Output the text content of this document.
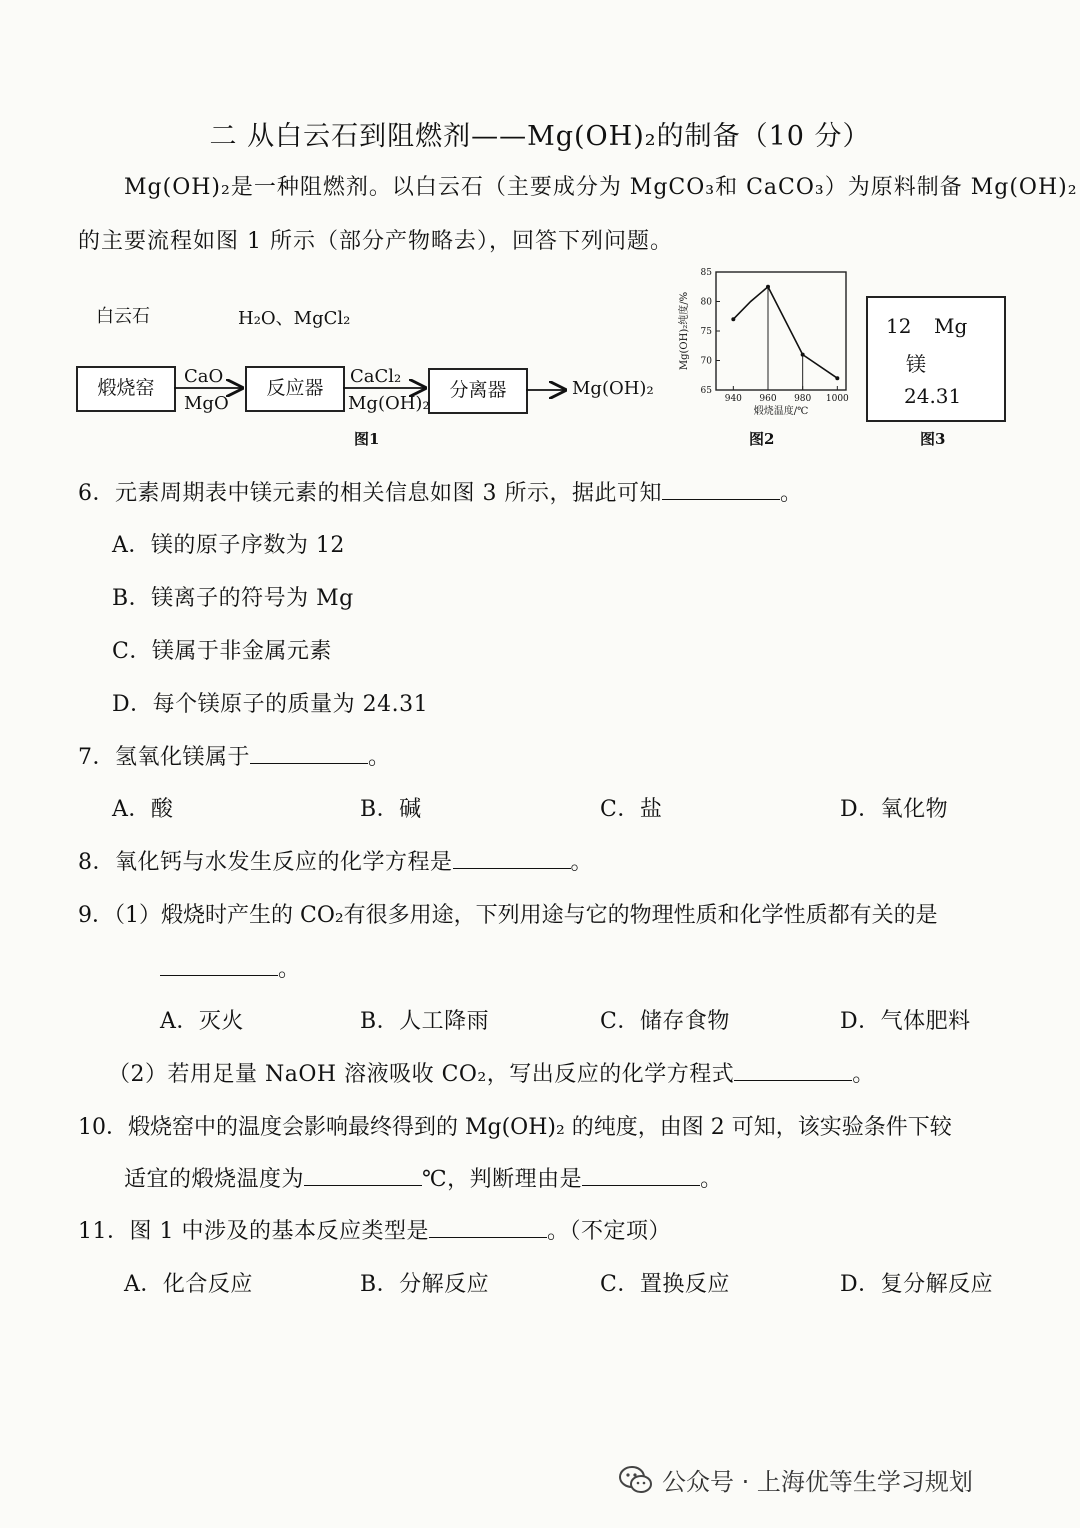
二 从白云石到阻燃剂——Mg(OH)₂的制备（10 分）
Mg(OH)₂是一种阻燃剂。以白云石（主要成分为 MgCO₃和 CaCO₃）为原料制备 Mg(OH)₂
的主要流程如图 1 所示（部分产物略去），回答下列问题。
白云石	H₂O、MgCl₂
煅烧窑	反应器	分离器
CaO
MgO
CaCl₂
Mg(OH)₂
Mg(OH)₂
图1
65
70
75
80
85
940 960 980 1000
煅烧温度/℃
Mg(OH)₂纯度/%
图2
12 Mg
镁
24.31
图3
6．元素周期表中镁元素的相关信息如图 3 所示，据此可知	。
A．镁的原子序数为 12
B．镁离子的符号为 Mg
C．镁属于非金属元素
D．每个镁原子的质量为 24.31
7．氢氧化镁属于	。
A．酸	B．碱	C．盐	D．氧化物
8．氧化钙与水发生反应的化学方程是	。
9．（1）煅烧时产生的 CO₂有很多用途，下列用途与它的物理性质和化学性质都有关的是
。
A．灭火	B．人工降雨	C．储存食物	D．气体肥料
（2）若用足量 NaOH 溶液吸收 CO₂，写出反应的化学方程式	。
10．煅烧窑中的温度会影响最终得到的 Mg(OH)₂ 的纯度，由图 2 可知，该实验条件下较
适宜的煅烧温度为	℃，判断理由是	。
11．图 1 中涉及的基本反应类型是	。（不定项）
A．化合反应	B．分解反应	C．置换反应	D．复分解反应
公众号 · 上海优等生学习规划
